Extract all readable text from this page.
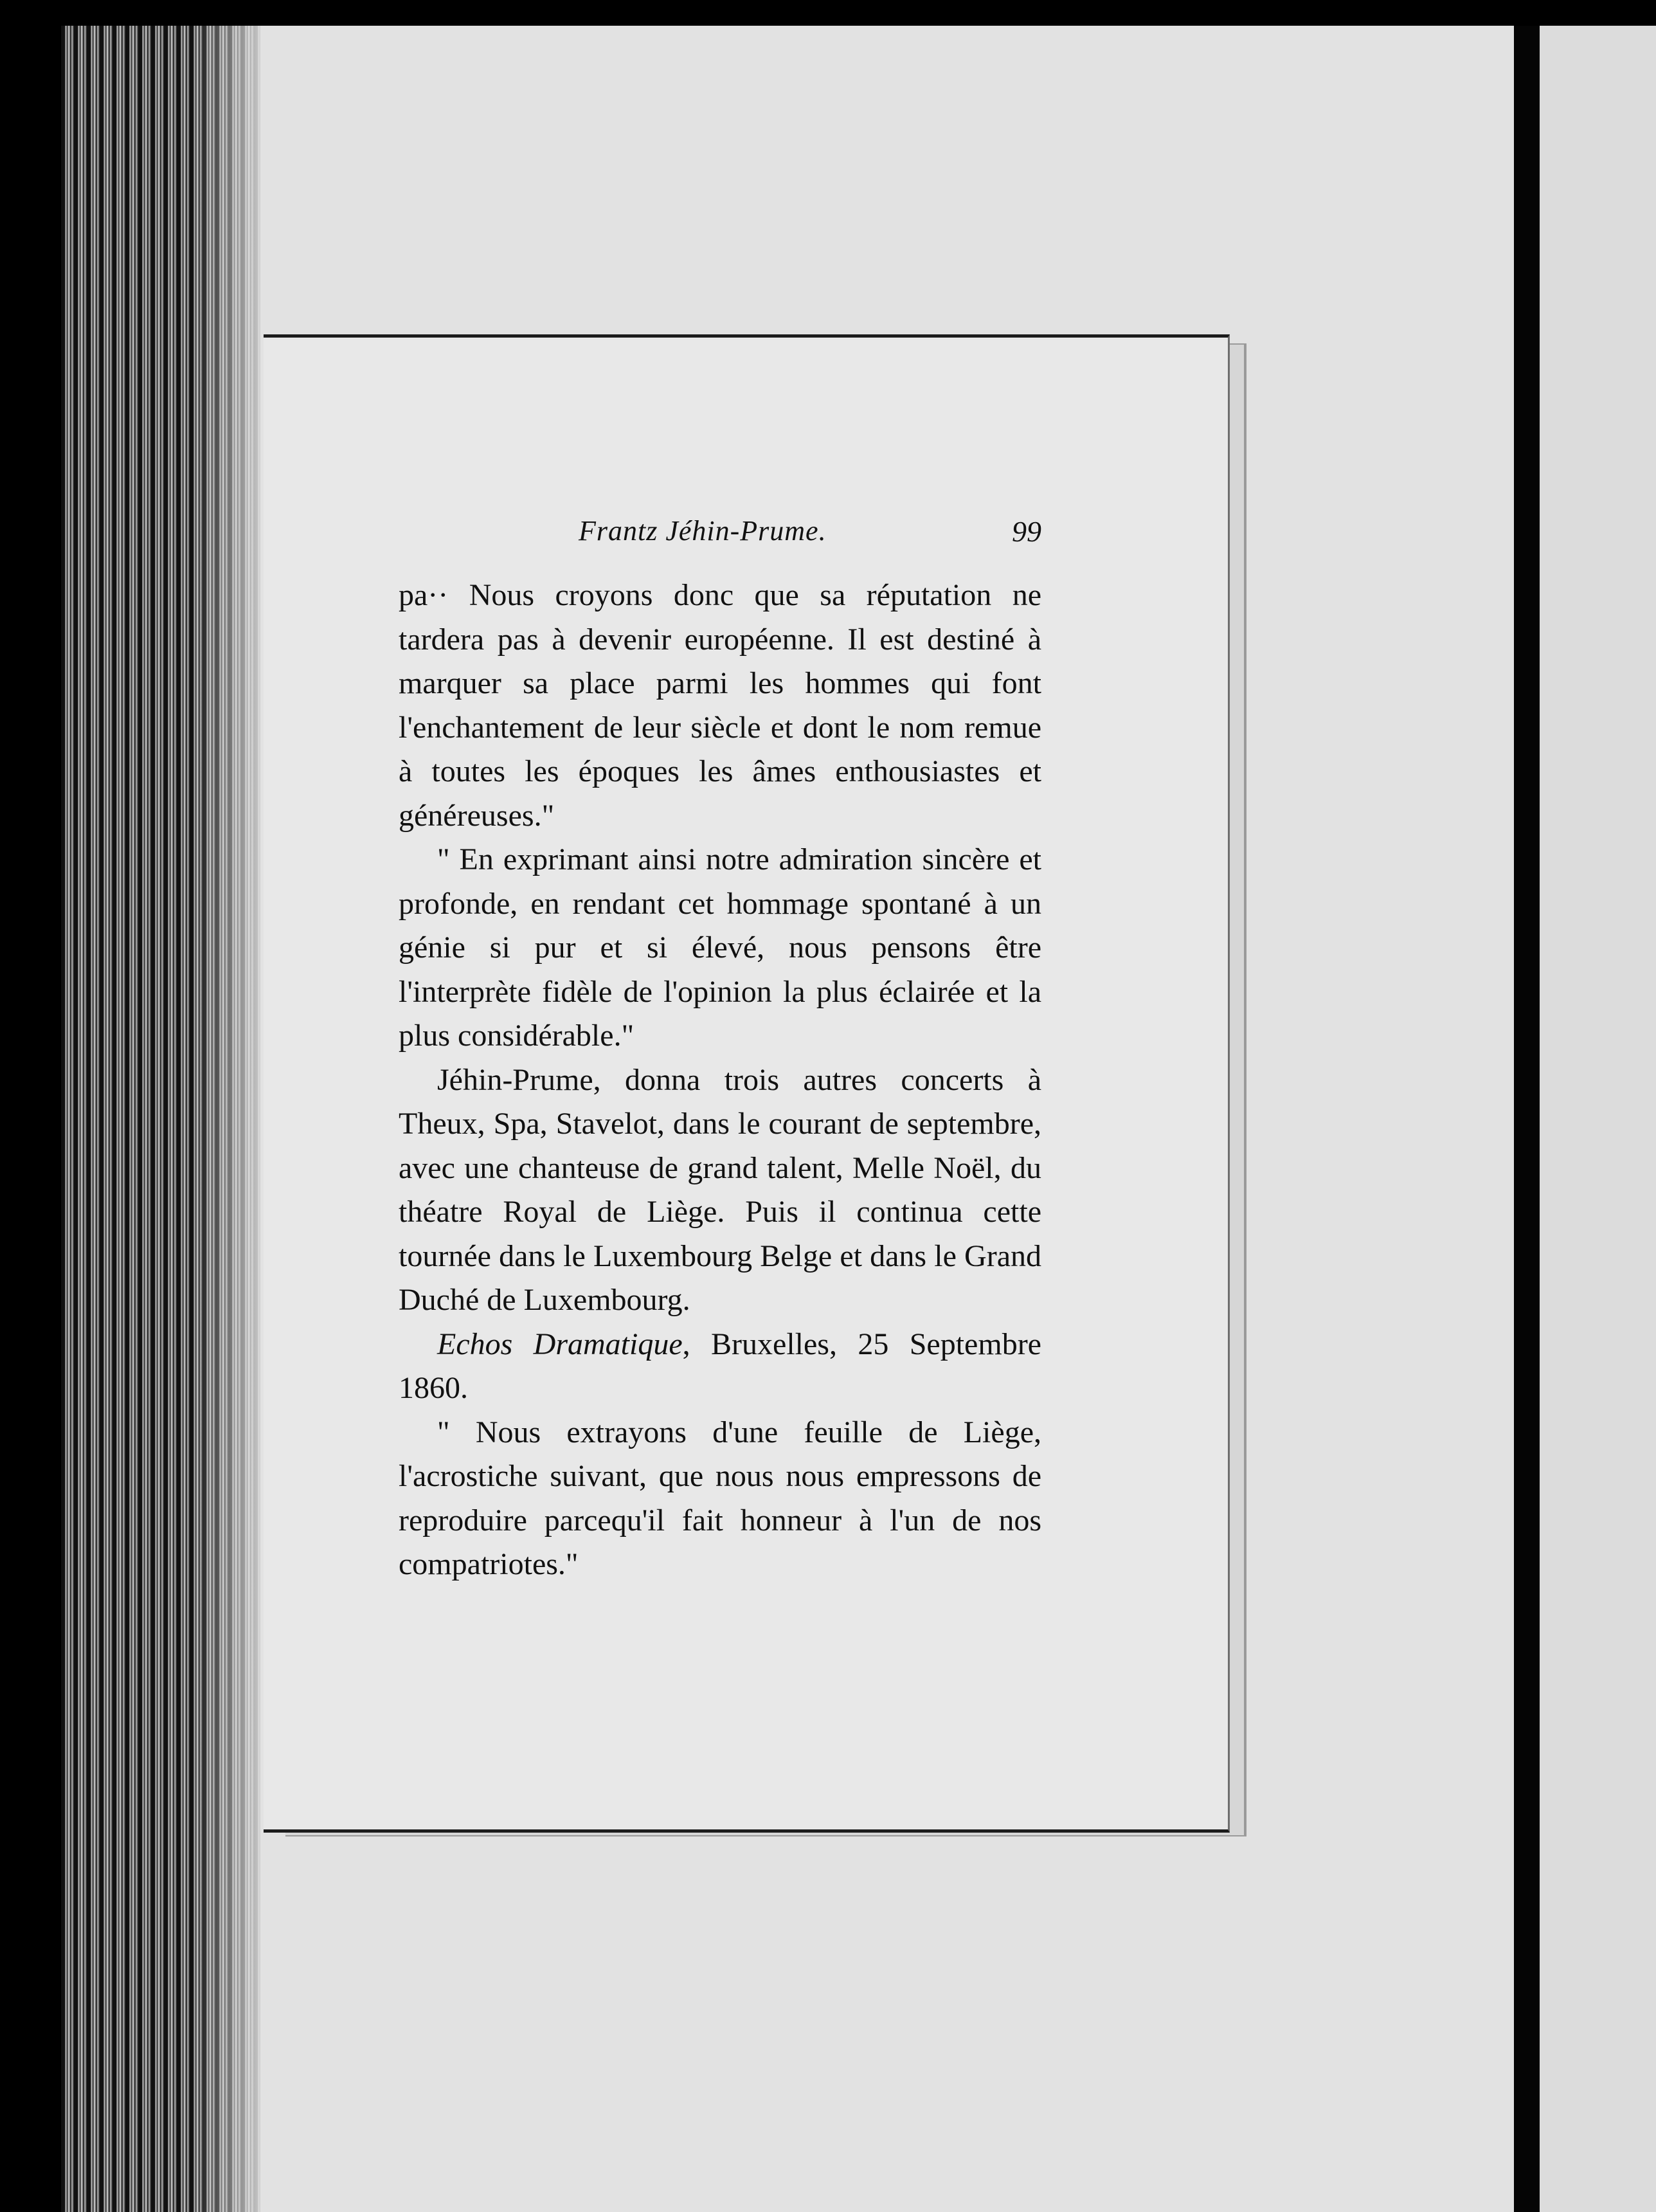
Frantz Jéhin-Prume.	99

pa·· Nous croyons donc que sa réputation ne tardera pas à devenir européenne. Il est destiné à marquer sa place parmi les hommes qui font l'enchantement de leur siècle et dont le nom remue à toutes les époques les âmes enthousiastes et généreuses."

" En exprimant ainsi notre admiration sincère et profonde, en rendant cet hommage spontané à un génie si pur et si élevé, nous pensons être l'interprète fidèle de l'opinion la plus éclairée et la plus considérable."

Jéhin-Prume, donna trois autres concerts à Theux, Spa, Stavelot, dans le courant de septembre, avec une chanteuse de grand talent, Melle Noël, du théatre Royal de Liège. Puis il continua cette tournée dans le Luxembourg Belge et dans le Grand Duché de Luxembourg.

Echos Dramatique, Bruxelles, 25 Septembre 1860.

" Nous extrayons d'une feuille de Liège, l'acrostiche suivant, que nous nous empressons de reproduire parcequ'il fait honneur à l'un de nos compatriotes."
